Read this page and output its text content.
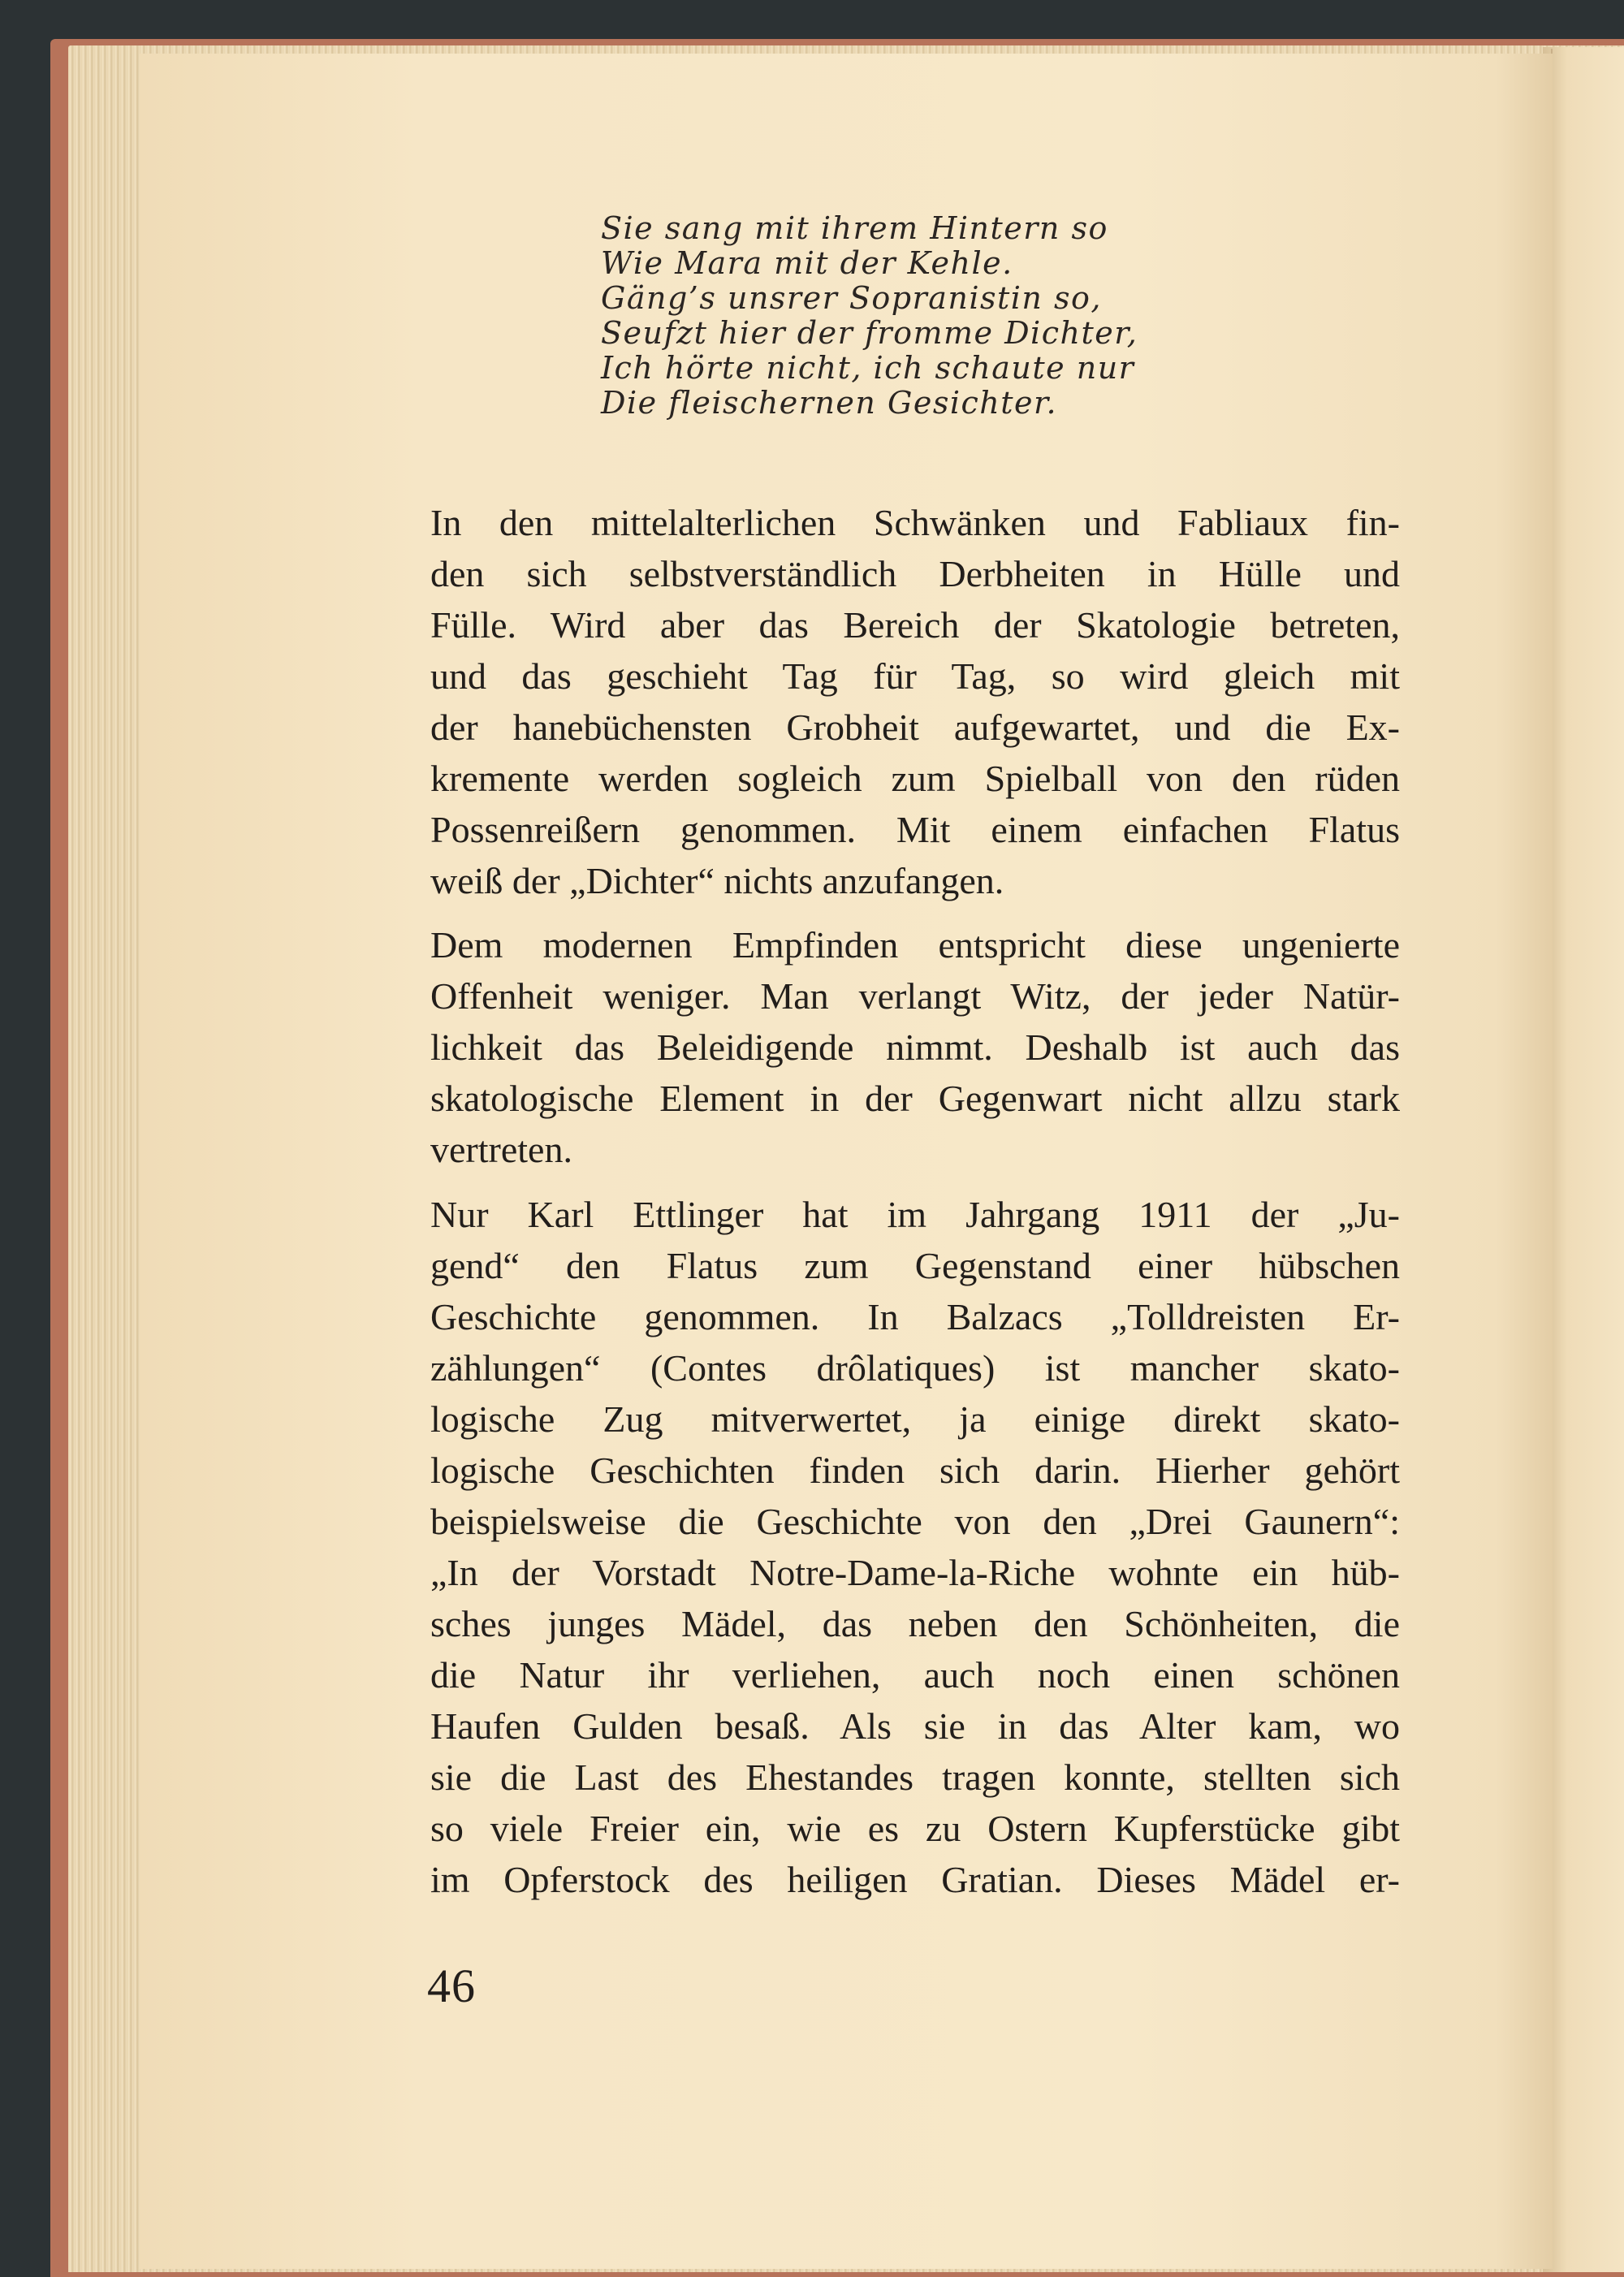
Sie sang mit ihrem Hintern so
Wie Mara mit der Kehle.
Gäng’s unsrer Sopranistin so,
Seufzt hier der fromme Dichter,
Ich hörte nicht, ich schaute nur
Die fleischernen Gesichter.
In den mittelalterlichen Schwänken und Fabliaux fin-
den sich selbstverständlich Derbheiten in Hülle und
Fülle. Wird aber das Bereich der Skatologie betreten,
und das geschieht Tag für Tag, so wird gleich mit
der hanebüchensten Grobheit aufgewartet, und die Ex-
kremente werden sogleich zum Spielball von den rüden
Possenreißern genommen. Mit einem einfachen Flatus
weiß der „Dichter“ nichts anzufangen.
Dem modernen Empfinden entspricht diese ungenierte
Offenheit weniger. Man verlangt Witz, der jeder Natür-
lichkeit das Beleidigende nimmt. Deshalb ist auch das
skatologische Element in der Gegenwart nicht allzu stark
vertreten.
Nur Karl Ettlinger hat im Jahrgang 1911 der „Ju-
gend“ den Flatus zum Gegenstand einer hübschen
Geschichte genommen. In Balzacs „Tolldreisten Er-
zählungen“ (Contes drôlatiques) ist mancher skato-
logische Zug mitverwertet, ja einige direkt skato-
logische Geschichten finden sich darin. Hierher gehört
beispielsweise die Geschichte von den „Drei Gaunern“:
„In der Vorstadt Notre-Dame-la-Riche wohnte ein hüb-
sches junges Mädel, das neben den Schönheiten, die
die Natur ihr verliehen, auch noch einen schönen
Haufen Gulden besaß. Als sie in das Alter kam, wo
sie die Last des Ehestandes tragen konnte, stellten sich
so viele Freier ein, wie es zu Ostern Kupferstücke gibt
im Opferstock des heiligen Gratian. Dieses Mädel er-
46
